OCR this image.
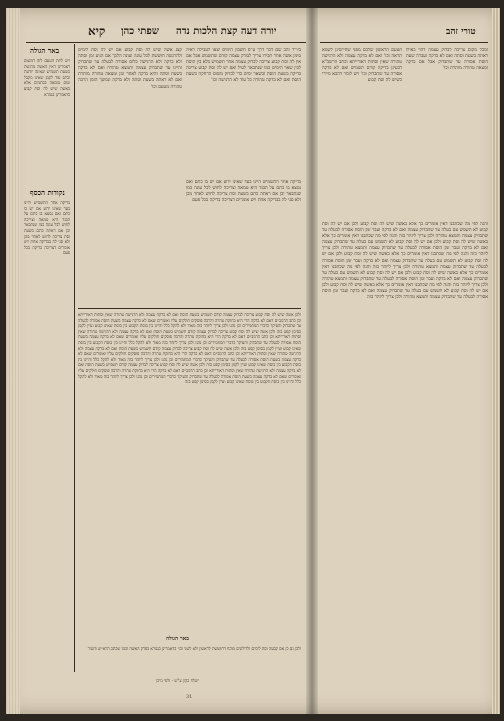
יורה דעה קצת הלכות נדה
שפתי כהן
קיא
באר הגולה
ויש לתת הטעם לזה דמשום דאמרינן דאין האשה מרגשת בשעת תשמיש שאינה יודעת וכתב עוד לקמן שאינו מקבל שום טומאה בכתמים אלא באשה שיש לה וסת קבוע כדאמרינן בגמרא
נקודות הכסף
בדיקה אחר התשמיש היינו בעד שאינו ידוע אם יש בו כתם ואם נמצא בו כתם על הבגד היא טמאה וצריכה לחוש לכל עונה כמו שנתבאר וכן אם ראתה כתם בשעת וסת צריכה לחוש לאחר מכן ולא סגי לה בבדיקה אחת ויש אומרים דצריכה בדיקה בכל פעם
ביו"ד זהב שם דבר דרך ע"פ חשבון הימים יצאו לטבילה ראיה סימן אשה אחר חבירו צריך לבודק עצמה קודם שתשמש אבל אם אין לה וסת קבוע צריכה לבדוק עצמה אחר תשמיש בלא בין הוסת לבין שאר הימים כמו שנתבאר לעיל ואם יש לה וסת קבוע צריכה בדיקה בשעת הוסת ובשאר ימים כדי לבדוק משום הרחקה בשעת הוסת ואם לא בדקה טהורה כל עוד לא הרגישה וכו'
קצג אשה שיש לה וסת קבוע אם יש לה וסת לימים ולהרגשה חוששת לכל עונה ועונה הלכך אם הגיע זמן וסתה ולא בדקה ולא הרגישה כלום אסורה לבעלה עד שתבדוק והיינו עד שתבדוק עצמה ותמצא טהורה ואם לא בדקה בשעת וסתה והיא בדקה לאחר זמן ומצאה טהורה מותרת ואם לא ראתה בשעת וסתה ולא בדקה ונמשך הזמן הרבה טהורה מטעם וכו'
בדיקה אחר התשמיש היינו בעד שאינו ידוע אם יש בו כתם ואם נמצא בו כתם על הבגד היא טמאה וצריכה לחוש לכל עונה כמו שנתבאר וכן אם ראתה כתם בשעת וסת צריכה לחוש לאחר מכן ולא סגי לה בבדיקה אחת ויש אומרים דצריכה בדיקה בכל פעם
ולכן אשה שיש לה וסת קבוע צריכה לבדוק עצמה קודם תשמיש בשעת הוסת ואם לא בדקה עצמה ולא הרגישה טהורה שאין וסתות דאורייתא וכן כתב הרמב"ם דאם לא בדקה הרי היא בחזקת טהרה והרבה פוסקים חולקים עליו ואומרים שאם לא בדקה עצמה בשעת הוסת אסורה לבעלה עד שתבדוק והעיקר כדברי המחמירים וכן נהגו ולכן צריך ליזהר בזה מאוד ולא להקל כלל והיינו בין בוסת הקבוע בין בוסת שאינו קבוע ועיין לקמן בסימן קפט בזה ולכן אשה שיש לה וסת קבוע צריכה לבדוק עצמה קודם תשמיש בשעת הוסת ואם לא בדקה עצמה ולא הרגישה טהורה שאין וסתות דאורייתא וכן כתב הרמב"ם דאם לא בדקה הרי היא בחזקת טהרה והרבה פוסקים חולקים עליו ואומרים שאם לא בדקה עצמה בשעת הוסת אסורה לבעלה עד שתבדוק והעיקר כדברי המחמירים וכן נהגו ולכן צריך ליזהר בזה מאוד ולא להקל כלל והיינו בין בוסת הקבוע בין בוסת שאינו קבוע ועיין לקמן בסימן קפט בזה ולכן אשה שיש לה וסת קבוע צריכה לבדוק עצמה קודם תשמיש בשעת הוסת ואם לא בדקה עצמה ולא הרגישה טהורה שאין וסתות דאורייתא וכן כתב הרמב"ם דאם לא בדקה הרי היא בחזקת טהרה והרבה פוסקים חולקים עליו ואומרים שאם לא בדקה עצמה בשעת הוסת אסורה לבעלה עד שתבדוק והעיקר כדברי המחמירים וכן נהגו ולכן צריך ליזהר בזה מאוד ולא להקל כלל והיינו בין בוסת הקבוע בין בוסת שאינו קבוע ועיין לקמן בסימן קפט בזה ולכן אשה שיש לה וסת קבוע צריכה לבדוק עצמה קודם תשמיש בשעת הוסת ואם לא בדקה עצמה ולא הרגישה טהורה שאין וסתות דאורייתא וכן כתב הרמב"ם דאם לא בדקה הרי היא בחזקת טהרה והרבה פוסקים חולקים עליו ואומרים שאם לא בדקה עצמה בשעת הוסת אסורה לבעלה עד שתבדוק והעיקר כדברי המחמירים וכן נהגו ולכן צריך ליזהר בזה מאוד ולא להקל כלל והיינו בין בוסת הקבוע בין בוסת שאינו קבוע ועיין לקמן בסימן קפט בזה
באר הגולה
ולכן גם כן אם קבעה וסת לימים ולדילוגים מוכח דחוששת לראשון ולא לשני וכו' כדאמרינן בגמרא בפרק האשה וכמו שכתב הרא"ש והטור
ישלח בקון צ"ש - ולפי מיכן
31
טורי זהב
הטעם הראשון שלכם מפני שחיישינן לשמא תראה וכו' ואם לא בדקה עצמה ולא הרגישה טהורה שאין וסתות דאורייתא וכתב הרשב"א דבעינן בדיקה קודם תשמיש ואם לא בדקה אסורה עד שתבדוק וכו' ויש לומר דהכא מיירי כשיש לה וסת קבוע
ומכל מקום צריכה לבדוק עצמה דהוי כאילו ראתה בשעת וסתה ואם לא בדקה ועברה שעת הוסת אסורה עד שתבדוק אבל אם בדקה ומצאה טהורה מותרת וכו'
והנה לפי מה שכתבנו דאין אומרים כך אלא באשה שיש לה וסת קבוע ולכן אם יש לה וסת קבוע לא תשמש עם בעלה עד שתבדוק עצמה ואם לא בדקה ועבר זמן הוסת אסורה לבעלה עד שתבדוק עצמה ותמצא טהורה ולכן צריך ליזהר בזה והנה לפי מה שכתבנו דאין אומרים כך אלא באשה שיש לה וסת קבוע ולכן אם יש לה וסת קבוע לא תשמש עם בעלה עד שתבדוק עצמה ואם לא בדקה ועבר זמן הוסת אסורה לבעלה עד שתבדוק עצמה ותמצא טהורה ולכן צריך ליזהר בזה והנה לפי מה שכתבנו דאין אומרים כך אלא באשה שיש לה וסת קבוע ולכן אם יש לה וסת קבוע לא תשמש עם בעלה עד שתבדוק עצמה ואם לא בדקה ועבר זמן הוסת אסורה לבעלה עד שתבדוק עצמה ותמצא טהורה ולכן צריך ליזהר בזה והנה לפי מה שכתבנו דאין אומרים כך אלא באשה שיש לה וסת קבוע ולכן אם יש לה וסת קבוע לא תשמש עם בעלה עד שתבדוק עצמה ואם לא בדקה ועבר זמן הוסת אסורה לבעלה עד שתבדוק עצמה ותמצא טהורה ולכן צריך ליזהר בזה והנה לפי מה שכתבנו דאין אומרים כך אלא באשה שיש לה וסת קבוע ולכן אם יש לה וסת קבוע לא תשמש עם בעלה עד שתבדוק עצמה ואם לא בדקה ועבר זמן הוסת אסורה לבעלה עד שתבדוק עצמה ותמצא טהורה ולכן צריך ליזהר בזה
